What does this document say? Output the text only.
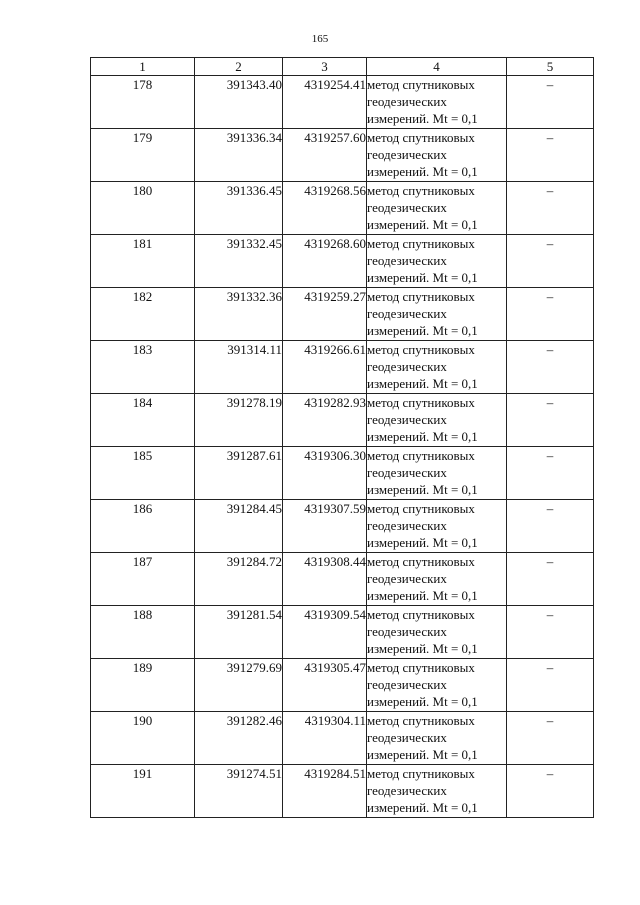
165
1	2	3	4	5
178	391343.40	4319254.41	метод спутниковых
геодезических
измерений. Mt = 0,1	–
179	391336.34	4319257.60	метод спутниковых
геодезических
измерений. Mt = 0,1	–
180	391336.45	4319268.56	метод спутниковых
геодезических
измерений. Mt = 0,1	–
181	391332.45	4319268.60	метод спутниковых
геодезических
измерений. Mt = 0,1	–
182	391332.36	4319259.27	метод спутниковых
геодезических
измерений. Mt = 0,1	–
183	391314.11	4319266.61	метод спутниковых
геодезических
измерений. Mt = 0,1	–
184	391278.19	4319282.93	метод спутниковых
геодезических
измерений. Mt = 0,1	–
185	391287.61	4319306.30	метод спутниковых
геодезических
измерений. Mt = 0,1	–
186	391284.45	4319307.59	метод спутниковых
геодезических
измерений. Mt = 0,1	–
187	391284.72	4319308.44	метод спутниковых
геодезических
измерений. Mt = 0,1	–
188	391281.54	4319309.54	метод спутниковых
геодезических
измерений. Mt = 0,1	–
189	391279.69	4319305.47	метод спутниковых
геодезических
измерений. Mt = 0,1	–
190	391282.46	4319304.11	метод спутниковых
геодезических
измерений. Mt = 0,1	–
191	391274.51	4319284.51	метод спутниковых
геодезических
измерений. Mt = 0,1	–
